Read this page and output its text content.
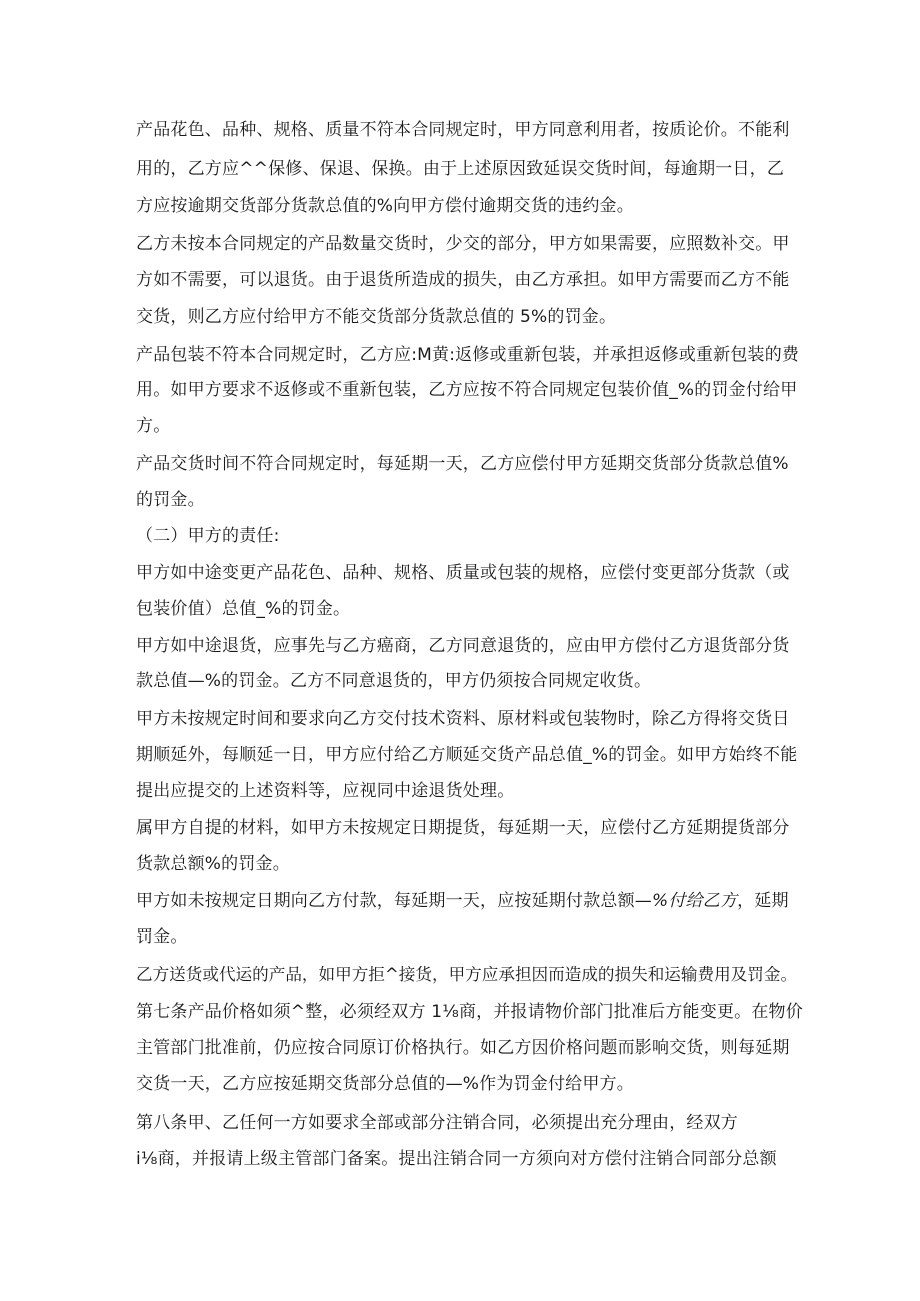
产品花色、品种、规格、质量不符本合同规定时，甲方同意利用者，按质论价。不能利
用的，乙方应^^保修、保退、保换。由于上述原因致延误交货时间，每逾期一日，乙
方应按逾期交货部分货款总值的%向甲方偿付逾期交货的违约金。
乙方未按本合同规定的产品数量交货时，少交的部分，甲方如果需要，应照数补交。甲
方如不需要，可以退货。由于退货所造成的损失，由乙方承担。如甲方需要而乙方不能
交货，则乙方应付给甲方不能交货部分货款总值的 5%的罚金。
产品包装不符本合同规定时，乙方应:M黄:返修或重新包装，并承担返修或重新包装的费
用。如甲方要求不返修或不重新包装，乙方应按不符合同规定包装价值_%的罚金付给甲
方。
产品交货时间不符合同规定时，每延期一天，乙方应偿付甲方延期交货部分货款总值%
的罚金。
（二）甲方的责任:
甲方如中途变更产品花色、品种、规格、质量或包装的规格，应偿付变更部分货款（或
包装价值）总值_%的罚金。
甲方如中途退货，应事先与乙方癌商，乙方同意退货的，应由甲方偿付乙方退货部分货
款总值—%的罚金。乙方不同意退货的，甲方仍须按合同规定收货。
甲方未按规定时间和要求向乙方交付技术资料、原材料或包装物时，除乙方得将交货日
期顺延外，每顺延一日，甲方应付给乙方顺延交货产品总值_%的罚金。如甲方始终不能
提出应提交的上述资料等，应视同中途退货处理。
属甲方自提的材料，如甲方未按规定日期提货，每延期一天，应偿付乙方延期提货部分
货款总额%的罚金。
甲方如未按规定日期向乙方付款，每延期一天，应按延期付款总额—%付给乙方，延期
罚金。
乙方送货或代运的产品，如甲方拒^接货，甲方应承担因而造成的损失和运输费用及罚金。
第七条产品价格如须^整，必须经双方 1⅛商，并报请物价部门批准后方能变更。在物价
主管部门批准前，仍应按合同原订价格执行。如乙方因价格问题而影响交货，则每延期
交货一天，乙方应按延期交货部分总值的—%作为罚金付给甲方。
第八条甲、乙任何一方如要求全部或部分注销合同，必须提出充分理由，经双方
i⅛商，并报请上级主管部门备案。提出注销合同一方须向对方偿付注销合同部分总额
